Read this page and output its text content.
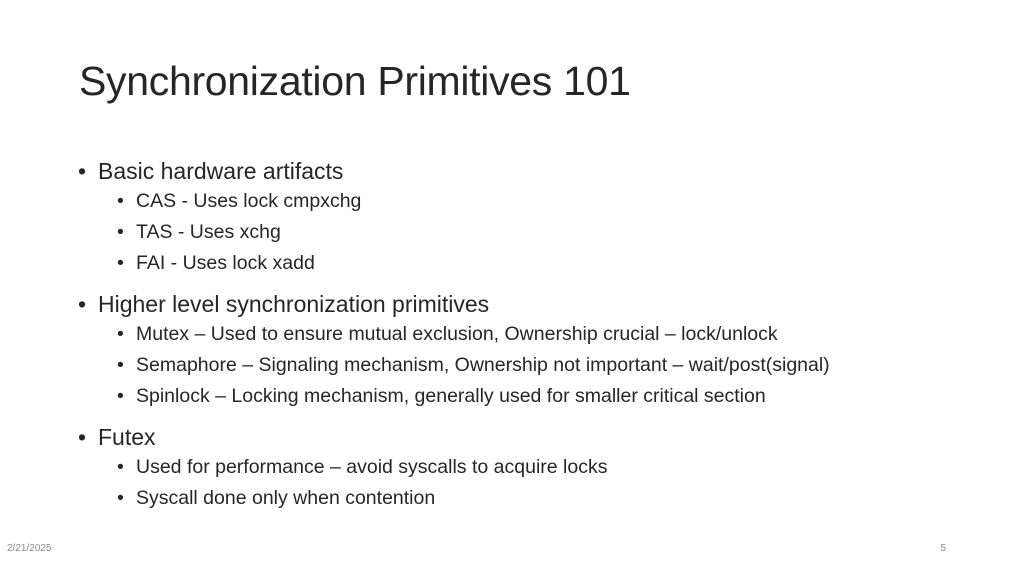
Synchronization Primitives 101
• Basic hardware artifacts
• CAS - Uses lock cmpxchg
• TAS - Uses xchg
• FAI - Uses lock xadd
• Higher level synchronization primitives
• Mutex – Used to ensure mutual exclusion, Ownership crucial – lock/unlock
• Semaphore – Signaling mechanism, Ownership not important – wait/post(signal)
• Spinlock – Locking mechanism, generally used for smaller critical section
• Futex
• Used for performance – avoid syscalls to acquire locks
• Syscall done only when contention
2/21/2025	5
